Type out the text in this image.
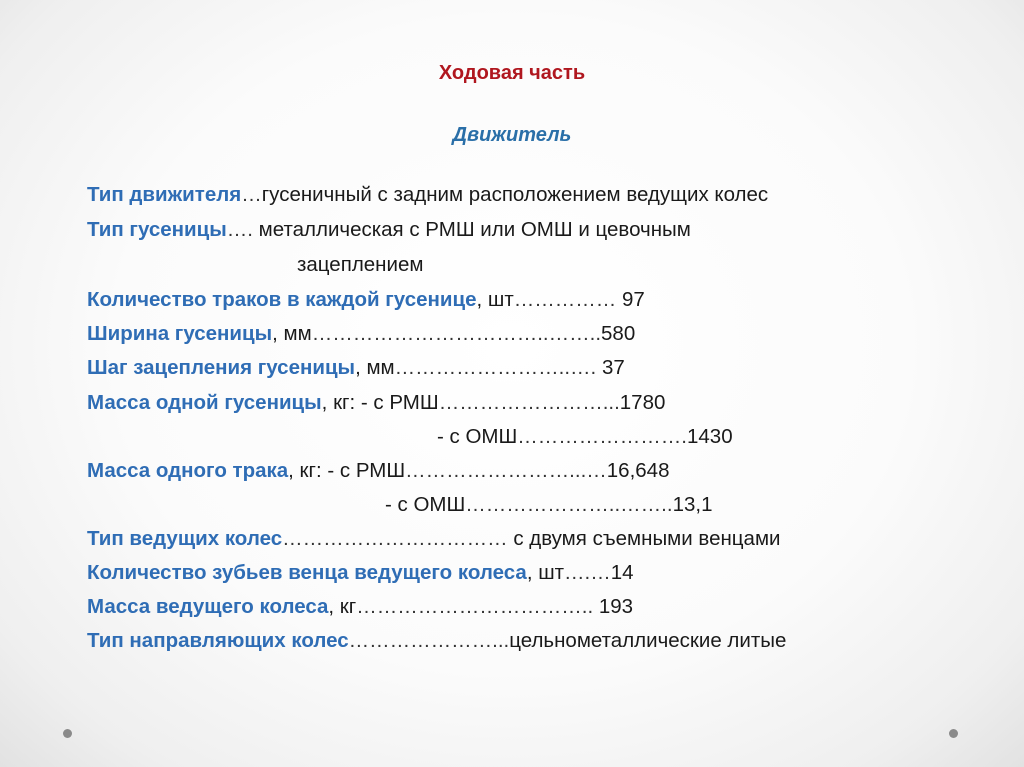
Ходовая часть
Движитель
Тип движителя…гусеничный с задним расположением ведущих колес
Тип гусеницы…. металлическая с РМШ или ОМШ и цевочным
зацеплением
Количество траков в каждой гусенице, шт…………… 97
Ширина гусеницы, мм……………………………..……..580
Шаг зацепления гусеницы, мм……………………..…. 37
Масса одной гусеницы, кг: - с РМШ……………………...1780
- с ОМШ…………………….1430
Масса одного трака, кг: - с РМШ……………………...…16,648
- с ОМШ…………………..……..13,1
Тип ведущих колес…………………………… с двумя съемными венцами
Количество зубьев венца ведущего колеса, шт….…14
Масса ведущего колеса, кг…………………………….. 193
Тип направляющих колес…………………...цельнометаллические литые
